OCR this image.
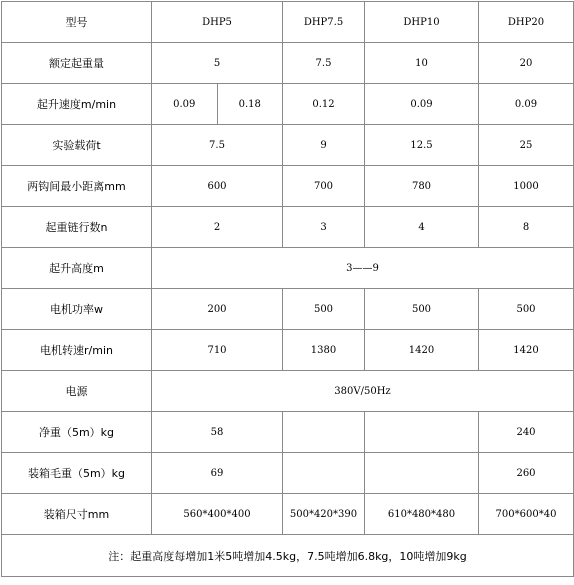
型号	DHP5	DHP7.5	DHP10	DHP20
额定起重量	5	7.5	10	20
起升速度m/min	0.09 0.18	0.12	0.09	0.09
实验载荷t	7.5	9	12.5	25
两钩间最小距离mm	600	700	780	1000
起重链行数n	2	3	4	8
起升高度m	3——9			
电机功率w	200	500	500	500
电机转速r/min	710	1380	1420	1420
电源	380V/50Hz			
净重（5m）kg	58			240
装箱毛重（5m）kg	69			260
装箱尺寸mm	560*400*400	500*420*390	610*480*480	700*600*40
注：起重高度每增加1米5吨增加4.5kg，7.5吨增加6.8kg，10吨增加9kg				
